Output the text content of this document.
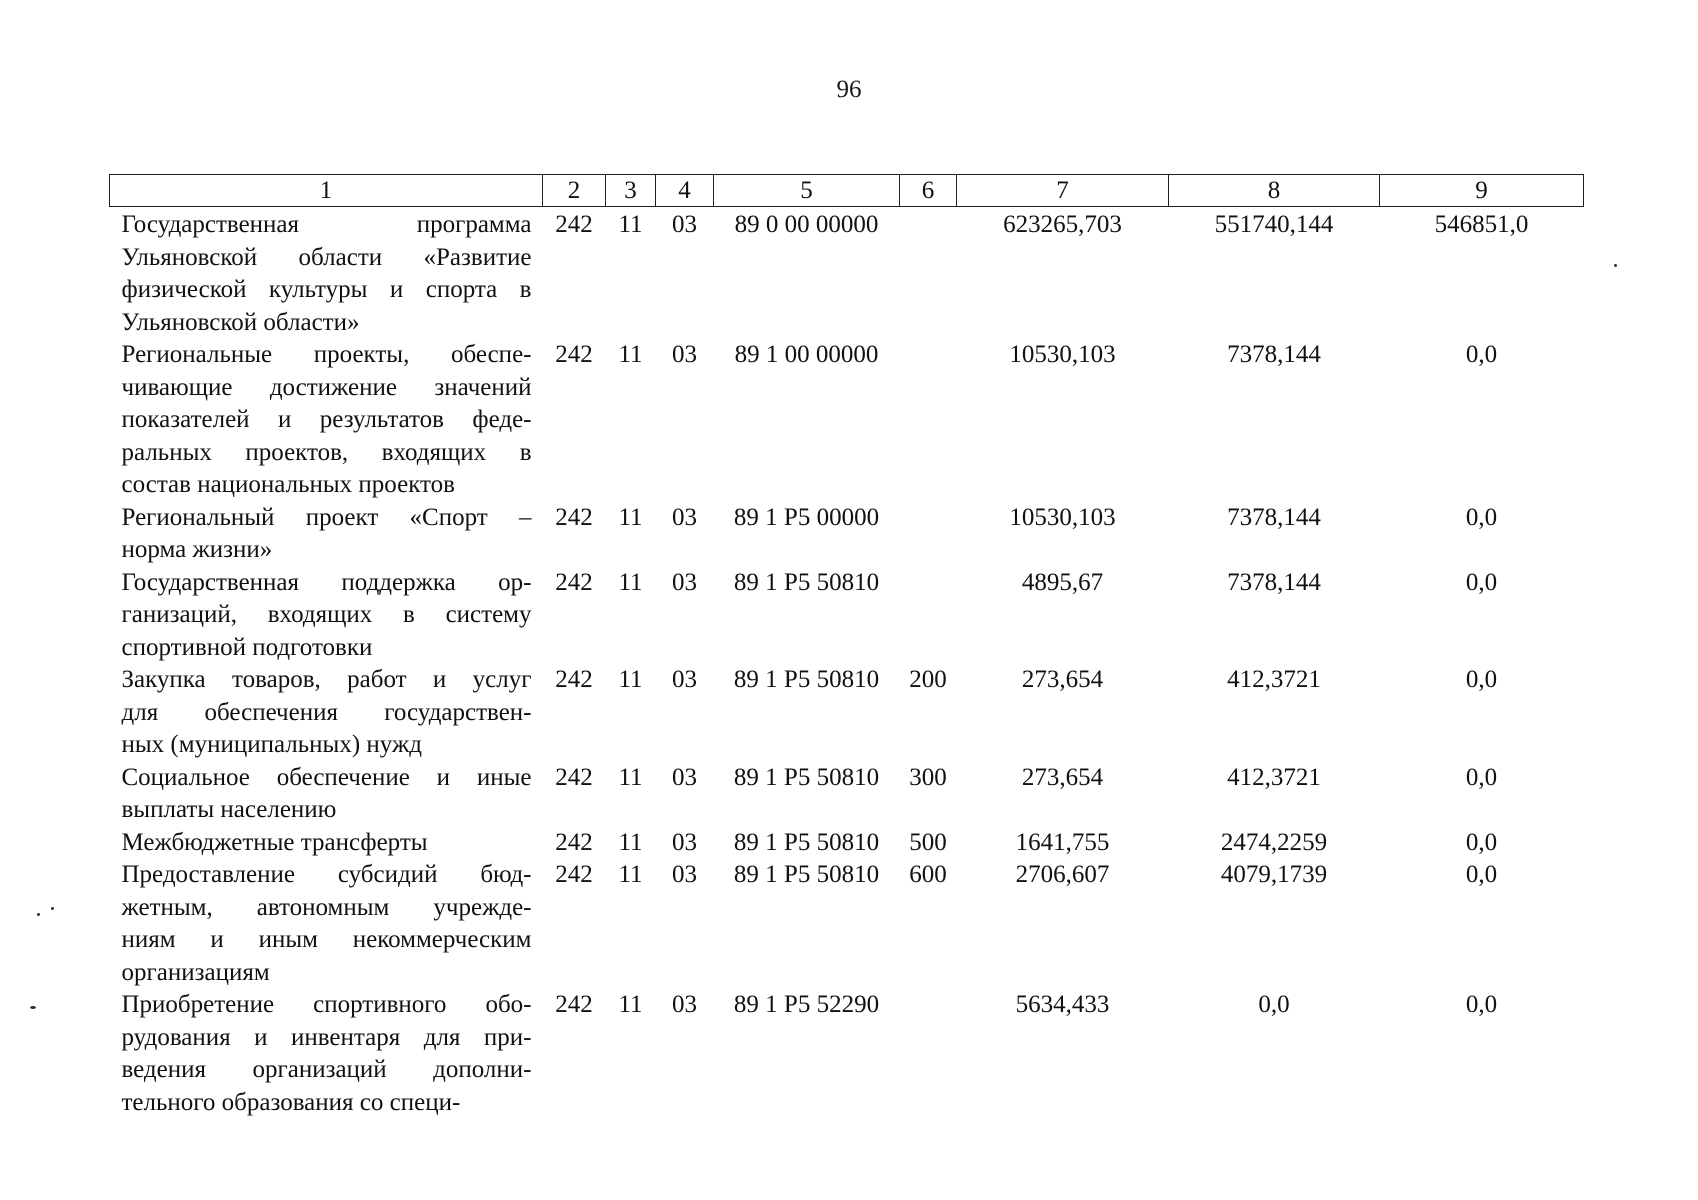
96
1	2	3	4	5	6	7	8	9

Государственная программа
Ульяновской области «Развитие
физической культуры и спорта в
Ульяновской области»	242	11	03	89 0 00 00000		623265,703	551740,144	546851,0

Региональные проекты, обеспе-
чивающие достижение значений
показателей и результатов феде-
ральных проектов, входящих в
состав национальных проектов	242	11	03	89 1 00 00000		10530,103	7378,144	0,0

Региональный проект «Спорт –
норма жизни»	242	11	03	89 1 P5 00000		10530,103	7378,144	0,0

Государственная поддержка ор-
ганизаций, входящих в систему
спортивной подготовки	242	11	03	89 1 P5 50810		4895,67	7378,144	0,0

Закупка товаров, работ и услуг
для обеспечения государствен-
ных (муниципальных) нужд	242	11	03	89 1 P5 50810	200	273,654	412,3721	0,0

Социальное обеспечение и иные
выплаты населению	242	11	03	89 1 P5 50810	300	273,654	412,3721	0,0

Межбюджетные трансферты	242	11	03	89 1 P5 50810	500	1641,755	2474,2259	0,0

Предоставление субсидий бюд-
жетным, автономным учрежде-
ниям и иным некоммерческим
организациям	242	11	03	89 1 P5 50810	600	2706,607	4079,1739	0,0

Приобретение спортивного обо-
рудования и инвентаря для при-
ведения организаций дополни-
тельного образования со специ-	242	11	03	89 1 P5 52290		5634,433	0,0	0,0
